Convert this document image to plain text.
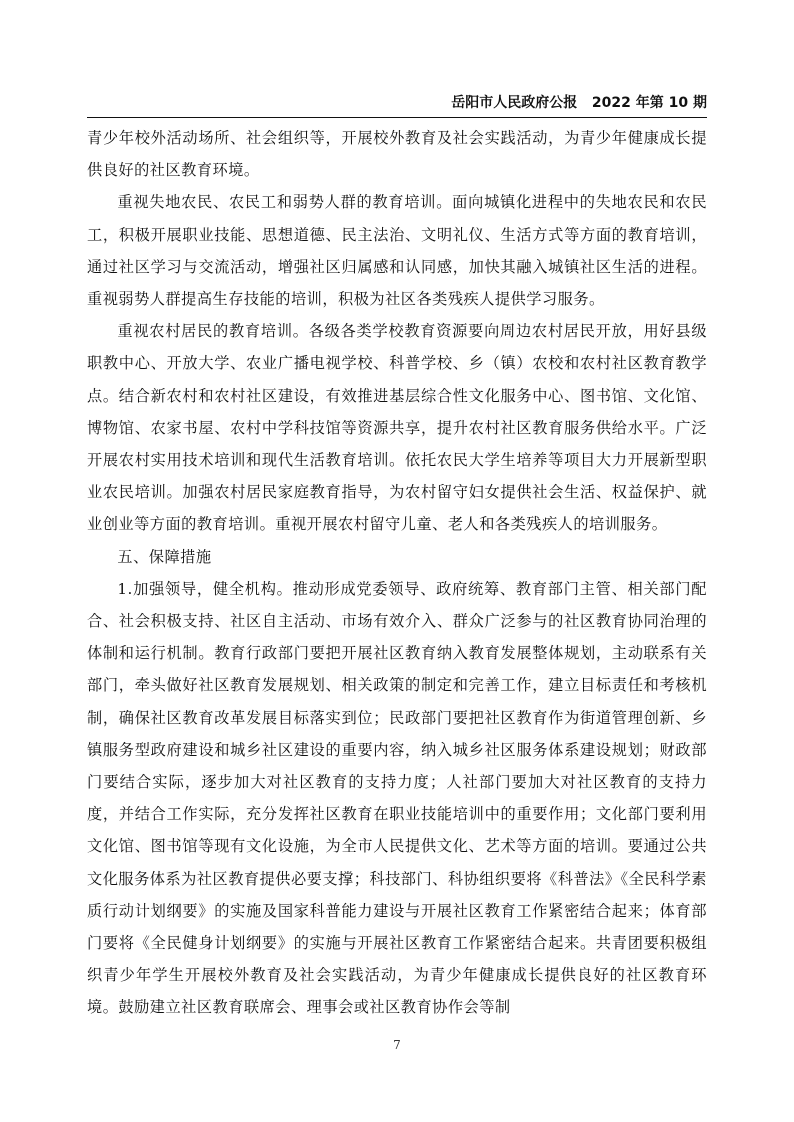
岳阳市人民政府公报 2022 年第 10 期

青少年校外活动场所、社会组织等，开展校外教育及社会实践活动，为青少年健康成长提供良好的社区教育环境。

重视失地农民、农民工和弱势人群的教育培训。面向城镇化进程中的失地农民和农民工，积极开展职业技能、思想道德、民主法治、文明礼仪、生活方式等方面的教育培训，通过社区学习与交流活动，增强社区归属感和认同感，加快其融入城镇社区生活的进程。重视弱势人群提高生存技能的培训，积极为社区各类残疾人提供学习服务。

重视农村居民的教育培训。各级各类学校教育资源要向周边农村居民开放，用好县级职教中心、开放大学、农业广播电视学校、科普学校、乡（镇）农校和农村社区教育教学点。结合新农村和农村社区建设，有效推进基层综合性文化服务中心、图书馆、文化馆、博物馆、农家书屋、农村中学科技馆等资源共享，提升农村社区教育服务供给水平。广泛开展农村实用技术培训和现代生活教育培训。依托农民大学生培养等项目大力开展新型职业农民培训。加强农村居民家庭教育指导，为农村留守妇女提供社会生活、权益保护、就业创业等方面的教育培训。重视开展农村留守儿童、老人和各类残疾人的培训服务。

五、保障措施

1.加强领导，健全机构。推动形成党委领导、政府统筹、教育部门主管、相关部门配合、社会积极支持、社区自主活动、市场有效介入、群众广泛参与的社区教育协同治理的体制和运行机制。教育行政部门要把开展社区教育纳入教育发展整体规划，主动联系有关部门，牵头做好社区教育发展规划、相关政策的制定和完善工作，建立目标责任和考核机制，确保社区教育改革发展目标落实到位；民政部门要把社区教育作为街道管理创新、乡镇服务型政府建设和城乡社区建设的重要内容，纳入城乡社区服务体系建设规划；财政部门要结合实际，逐步加大对社区教育的支持力度；人社部门要加大对社区教育的支持力度，并结合工作实际，充分发挥社区教育在职业技能培训中的重要作用；文化部门要利用文化馆、图书馆等现有文化设施，为全市人民提供文化、艺术等方面的培训。要通过公共文化服务体系为社区教育提供必要支撑；科技部门、科协组织要将《科普法》《全民科学素质行动计划纲要》的实施及国家科普能力建设与开展社区教育工作紧密结合起来；体育部门要将《全民健身计划纲要》的实施与开展社区教育工作紧密结合起来。共青团要积极组织青少年学生开展校外教育及社会实践活动，为青少年健康成长提供良好的社区教育环境。鼓励建立社区教育联席会、理事会或社区教育协作会等制

7
